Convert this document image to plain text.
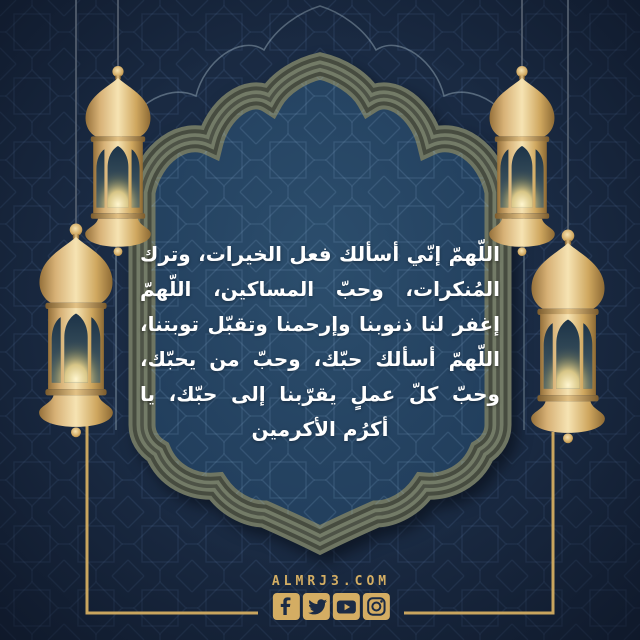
اللّهمّ إنّي أسألك فعل الخيرات، وترك
المُنكرات، وحبّ المساكين، اللّهمّ
إغفر لنا ذنوبنا وإرحمنا وتقبّل توبتنا،
اللّهمّ أسألك حبّك، وحبّ من يحبّك،
وحبّ كلّ عملٍ يقرّبنا إلى حبّك، يا
أكرُم الأكرمين
ALMRJ3.COM
